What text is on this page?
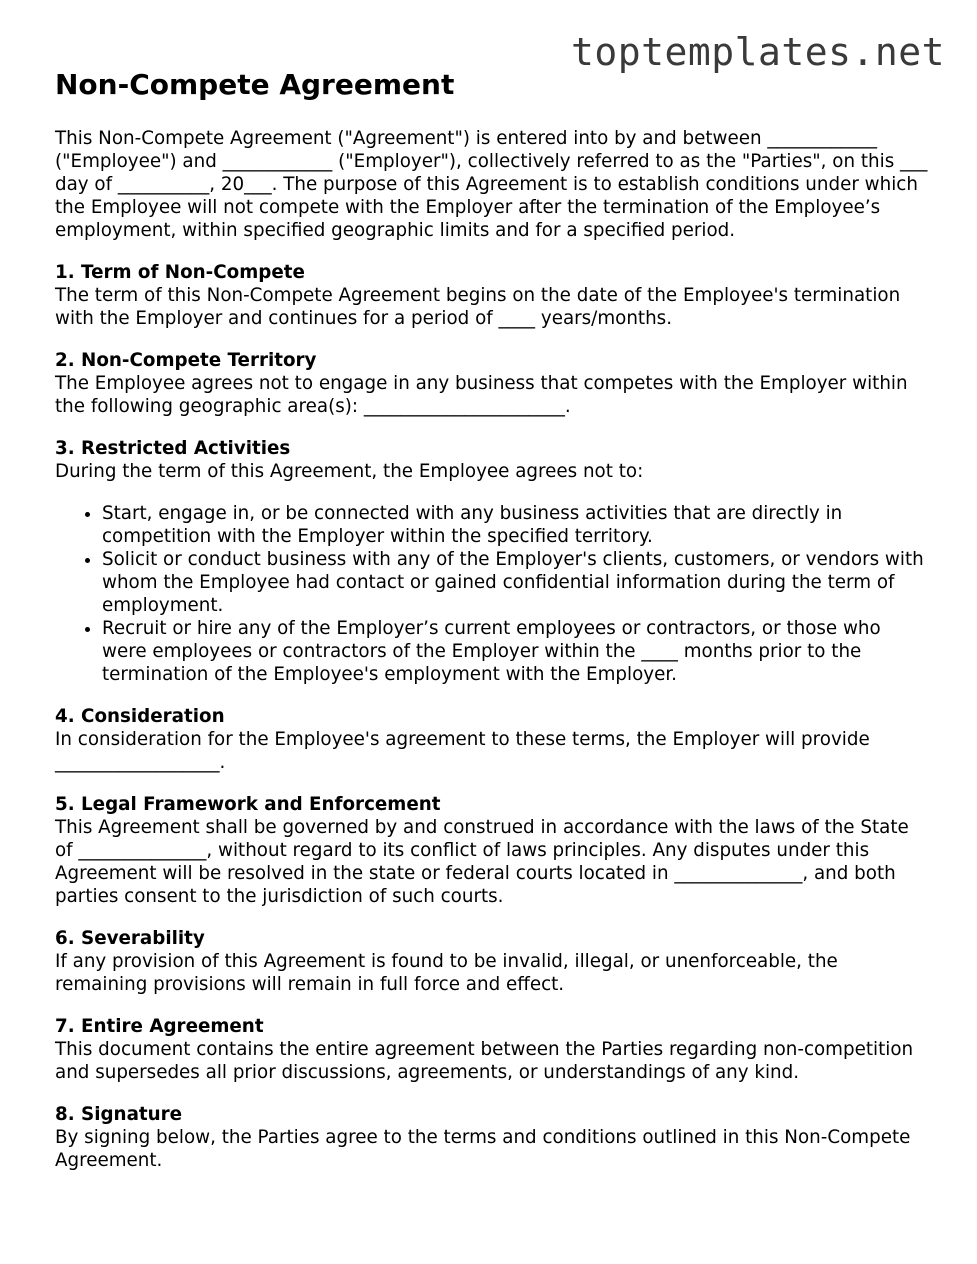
toptemplates.net
Non-Compete Agreement

This Non-Compete Agreement ("Agreement") is entered into by and between ____________ ("Employee") and ____________ ("Employer"), collectively referred to as the "Parties", on this ___ day of __________, 20___. The purpose of this Agreement is to establish conditions under which the Employee will not compete with the Employer after the termination of the Employee’s employment, within specified geographic limits and for a specified period.

1. Term of Non-Compete

The term of this Non-Compete Agreement begins on the date of the Employee's termination with the Employer and continues for a period of ____ years/months.

2. Non-Compete Territory

The Employee agrees not to engage in any business that competes with the Employer within the following geographic area(s): ______________________.

3. Restricted Activities

During the term of this Agreement, the Employee agrees not to:

• Start, engage in, or be connected with any business activities that are directly in competition with the Employer within the specified territory.
• Solicit or conduct business with any of the Employer's clients, customers, or vendors with whom the Employee had contact or gained confidential information during the term of employment.
• Recruit or hire any of the Employer’s current employees or contractors, or those who were employees or contractors of the Employer within the ____ months prior to the termination of the Employee's employment with the Employer.
4. Consideration

In consideration for the Employee's agreement to these terms, the Employer will provide __________________.

5. Legal Framework and Enforcement

This Agreement shall be governed by and construed in accordance with the laws of the State of ______________, without regard to its conflict of laws principles. Any disputes under this Agreement will be resolved in the state or federal courts located in ______________, and both parties consent to the jurisdiction of such courts.

6. Severability

If any provision of this Agreement is found to be invalid, illegal, or unenforceable, the remaining provisions will remain in full force and effect.

7. Entire Agreement

This document contains the entire agreement between the Parties regarding non-competition and supersedes all prior discussions, agreements, or understandings of any kind.

8. Signature

By signing below, the Parties agree to the terms and conditions outlined in this Non-Compete Agreement.
